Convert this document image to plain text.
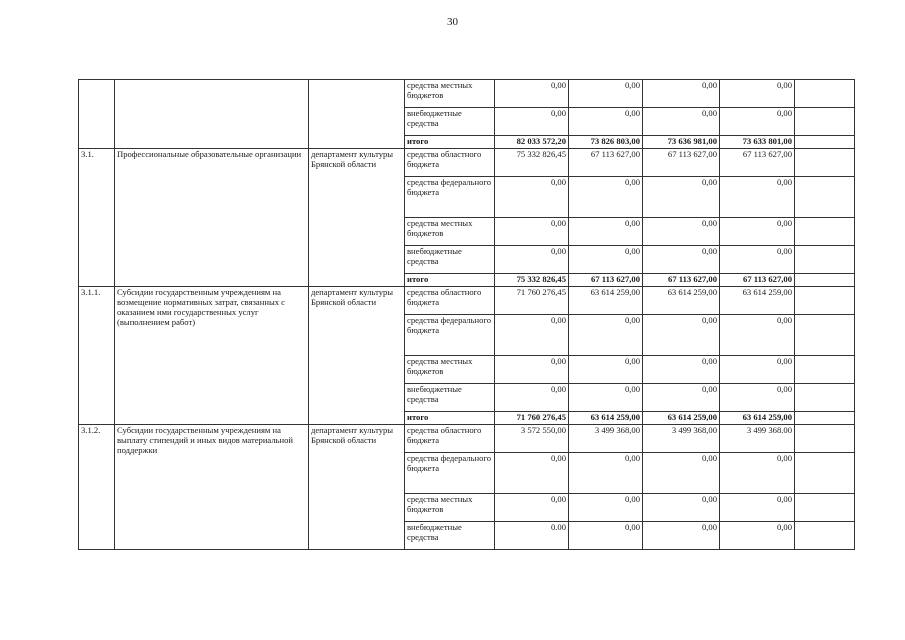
30
			средства местных бюджетов	0,00	0,00	0,00	0,00	
			внебюджетные средства	0,00	0,00	0,00	0,00	
			итого	82 033 572,20	73 826 803,00	73 636 981,00	73 633 801,00	
3.1.	Профессиональные образовательные организации	департамент культуры Брянской области	средства областного бюджета	75 332 826,45	67 113 627,00	67 113 627,00	67 113 627,00	
			средства федерального бюджета	0,00	0,00	0,00	0,00	
			средства местных бюджетов	0,00	0,00	0,00	0,00	
			внебюджетные средства	0,00	0,00	0,00	0,00	
			итого	75 332 826,45	67 113 627,00	67 113 627,00	67 113 627,00	
3.1.1.	Субсидии государственным учреждениям на возмещение нормативных затрат, связанных с оказанием ими государственных услуг (выполнением работ)	департамент культуры Брянской области	средства областного бюджета	71 760 276,45	63 614 259,00	63 614 259,00	63 614 259,00	
			средства федерального бюджета	0,00	0,00	0,00	0,00	
			средства местных бюджетов	0,00	0,00	0,00	0,00	
			внебюджетные средства	0,00	0,00	0,00	0,00	
			итого	71 760 276,45	63 614 259,00	63 614 259,00	63 614 259,00	
3.1.2.	Субсидии государственным учреждениям на выплату стипендий и иных видов материальной поддержки	департамент культуры Брянской области	средства областного бюджета	3 572 550,00	3 499 368,00	3 499 368,00	3 499 368.00	
			средства федерального бюджета	0,00	0,00	0,00	0,00	
			средства местных бюджетов	0,00	0,00	0,00	0,00	
			внебюджетные средства	0.00	0,00	0,00	0,00	
